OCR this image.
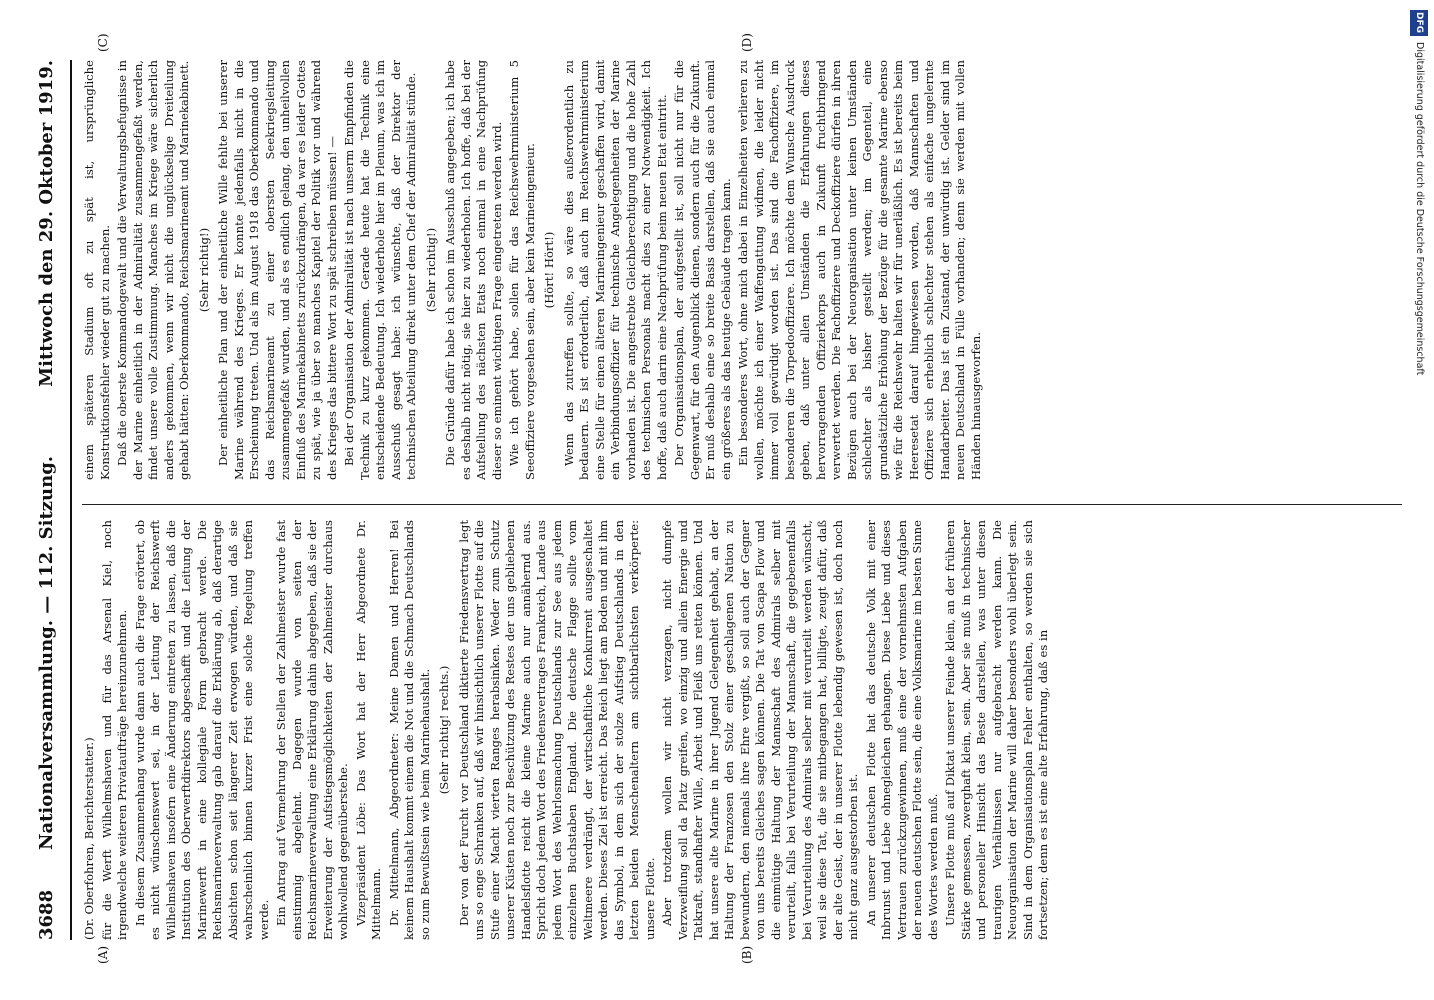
3688
Nationalversammlung. — 112. Sitzung.
Mittwoch den 29. Oktober 1919.
(A)	(B)
(C)	(D)

(Dr. Oberfohren, Berichterstatter.) für die Werft Wilhelmshaven und für das Arsenal Kiel, noch irgendwelche weiteren Privataufträge hereinzunehmen. In diesem Zusammenhang wurde dann auch die Frage erörtert, ob es nicht wünschenswert sei, in der Leitung der Reichswerft Wilhelmshaven insofern eine Änderung eintreten zu lassen, daß die Institution des Oberwerftdirektors abgeschafft und die Leitung der Marinewerft in eine kollegiale Form gebracht werde. Die Reichsmarineverwaltung gab darauf die Erklärung ab, daß derartige Absichten schon seit längerer Zeit erwogen würden, und daß sie wahrscheinlich binnen kurzer Frist eine solche Regelung treffen werde. Ein Antrag auf Vermehrung der Stellen der Zahlmeister wurde fast einstimmig abgelehnt. Dagegen wurde von seiten der Reichsmarineverwaltung eine Erklärung dahin abgegeben, daß sie der Erweiterung der Aufstiegsmöglichkeiten der Zahlmeister durchaus wohlwollend gegenüberstehe. Vizepräsident Löbe: Das Wort hat der Herr Abgeordnete Dr. Mittelmann. Dr. Mittelmann, Abgeordneter: Meine Damen und Herren! Bei keinem Haushalt kommt einem die Not und die Schmach Deutschlands so zum Bewußtsein wie beim Marinehaushalt. (Sehr richtig! rechts.) Der von der Furcht vor Deutschland diktierte Friedensvertrag legt uns so enge Schranken auf, daß wir hinsichtlich unserer Flotte auf die Stufe einer Macht vierten Ranges herabsinken. Weder zum Schutz unserer Küsten noch zur Beschützung des Restes der uns gebliebenen Handelsflotte reicht die kleine Marine auch nur annähernd aus. Spricht doch jedem Wort des Friedensvertrages Frankreich, Lande aus jedem Wort des Wehrlosmachung Deutschlands zur See aus jedem einzelnen Buchstaben England. Die deutsche Flagge sollte vom Weltmeere verdrängt, der wirtschaftliche Konkurrent ausgeschaltet werden. Dieses Ziel ist erreicht. Das Reich liegt am Boden und mit ihm das Symbol, in dem sich der stolze Aufstieg Deutschlands in den letzten beiden Menschenaltern am sichtbarlichsten verkörperte: unsere Flotte. Aber trotzdem wollen wir nicht verzagen, nicht dumpfe Verzweiflung soll da Platz greifen, wo einzig und allein Energie und Tatkraft, standhafter Wille, Arbeit und Fleiß uns retten können. Und hat unsere alte Marine in ihrer Jugend Gelegenheit gehabt, an der Haltung der Franzosen den Stolz einer geschlagenen Nation zu bewundern, den niemals ihre Ehre vergißt, so soll auch der Gegner von uns bereits Gleiches sagen können. Die Tat von Scapa Flow und die einmütige Haltung der Mannschaft des Admirals selber mit verurteilt, falls bei Verurteilung der Mannschaft, die gegebenenfalls bei Verurteilung des Admirals selber mit verurteilt werden wünscht, weil sie diese Tat, die sie mitbegangen hat, billigte, zeugt dafür, daß der alte Geist, der in unserer Flotte lebendig gewesen ist, doch noch nicht ganz ausgestorben ist. An unserer deutschen Flotte hat das deutsche Volk mit einer Inbrunst und Liebe ohnegleichen gehangen. Diese Liebe und dieses Vertrauen zurückzugewinnen, muß eine der vornehmsten Aufgaben der neuen deutschen Flotte sein, die eine Volksmarine im besten Sinne des Wortes werden muß. Unsere Flotte muß auf Diktat unserer Feinde klein, an der früheren Stärke gemessen, zwerghaft klein, sein. Aber sie muß in technischer und personeller Hinsicht das Beste darstellen, was unter diesen traurigen Verhältnissen nur aufgebracht werden kann. Die Neuorganisation der Marine will daher besonders wohl überlegt sein. Sind in dem Organisationsplan Fehler enthalten, so werden sie sich fortsetzen; denn es ist eine alte Erfahrung, daß es in

einem späteren Stadium oft zu spät ist, ursprüngliche Konstruktionsfehler wieder gut zu machen. Daß die oberste Kommandogewalt und die Verwaltungsbefugnisse in der Marine einheitlich in der Admiralität zusammengefaßt werden, findet unsere volle Zustimmung. Manches im Kriege wäre sicherlich anders gekommen, wenn wir nicht die unglückselige Dreiteilung gehabt hätten: Oberkommando, Reichsmarineamt und Marinekabinett. (Sehr richtig!) Der einheitliche Plan und der einheitliche Wille fehlte bei unserer Marine während des Krieges. Er konnte jedenfalls nicht in die Erscheinung treten. Und als im August 1918 das Oberkommando und das Reichsmarineamt zu einer obersten Seekriegsleitung zusammengefaßt wurden, und als es endlich gelang, den unheilvollen Einfluß des Marinekabinetts zurückzudrängen, da war es leider Gottes zu spät, wie ja über so manches Kapitel der Politik vor und während des Krieges das bittere Wort zu spät schreiben müssen! — Bei der Organisation der Admiralität ist nach unserm Empfinden die Technik zu kurz gekommen. Gerade heute hat die Technik eine entscheidende Bedeutung. Ich wiederhole hier im Plenum, was ich im Ausschuß gesagt habe: ich wünschte, daß der Direktor der technischen Abteilung direkt unter dem Chef der Admiralität stünde. (Sehr richtig!) Die Gründe dafür habe ich schon im Ausschuß angegeben; ich habe es deshalb nicht nötig, sie hier zu wiederholen. Ich hoffe, daß bei der Aufstellung des nächsten Etats noch einmal in eine Nachprüfung dieser so eminent wichtigen Frage eingetreten werden wird. Wie ich gehört habe, sollen für das Reichswehrministerium 5 Seeoffiziere vorgesehen sein, aber kein Marineingenieur. (Hört! Hört!) Wenn das zutreffen sollte, so wäre dies außerordentlich zu bedauern. Es ist erforderlich, daß auch im Reichswehrministerium eine Stelle für einen älteren Marineingenieur geschaffen wird, damit ein Verbindungsoffizier für technische Angelegenheiten der Marine vorhanden ist. Die angestrebte Gleichberechtigung und die hohe Zahl des technischen Personals macht dies zu einer Notwendigkeit. Ich hoffe, daß auch darin eine Nachprüfung beim neuen Etat eintritt. Der Organisationsplan, der aufgestellt ist, soll nicht nur für die Gegenwart, für den Augenblick dienen, sondern auch für die Zukunft. Er muß deshalb eine so breite Basis darstellen, daß sie auch einmal ein größeres als das heutige Gebäude tragen kann. Ein besonderes Wort, ohne mich dabei in Einzelheiten verlieren zu wollen, möchte ich einer Waffengattung widmen, die leider nicht immer voll gewürdigt worden ist. Das sind die Fachoffiziere, im besonderen die Torpedooffiziere. Ich möchte dem Wunsche Ausdruck geben, daß unter allen Umständen die Erfahrungen dieses hervorragenden Offizierkorps auch in Zukunft fruchtbringend verwertet werden. Die Fachoffiziere und Deckoffiziere dürfen in ihren Bezügen auch bei der Neuorganisation unter keinen Umständen schlechter als bisher gestellt werden; im Gegenteil, eine grundsätzliche Erhöhung der Bezüge für die gesamte Marine ebenso wie für die Reichswehr halten wir für unerläßlich. Es ist bereits beim Heeresetat darauf hingewiesen worden, daß Mannschaften und Offiziere sich erheblich schlechter stehen als einfache ungelernte Handarbeiter. Das ist ein Zustand, der unwürdig ist. Gelder sind im neuen Deutschland in Fülle vorhanden; denn sie werden mit vollen Händen hinausgeworfen.

DFG
Digitalisierung gefördert durch die Deutsche Forschungsgemeinschaft
